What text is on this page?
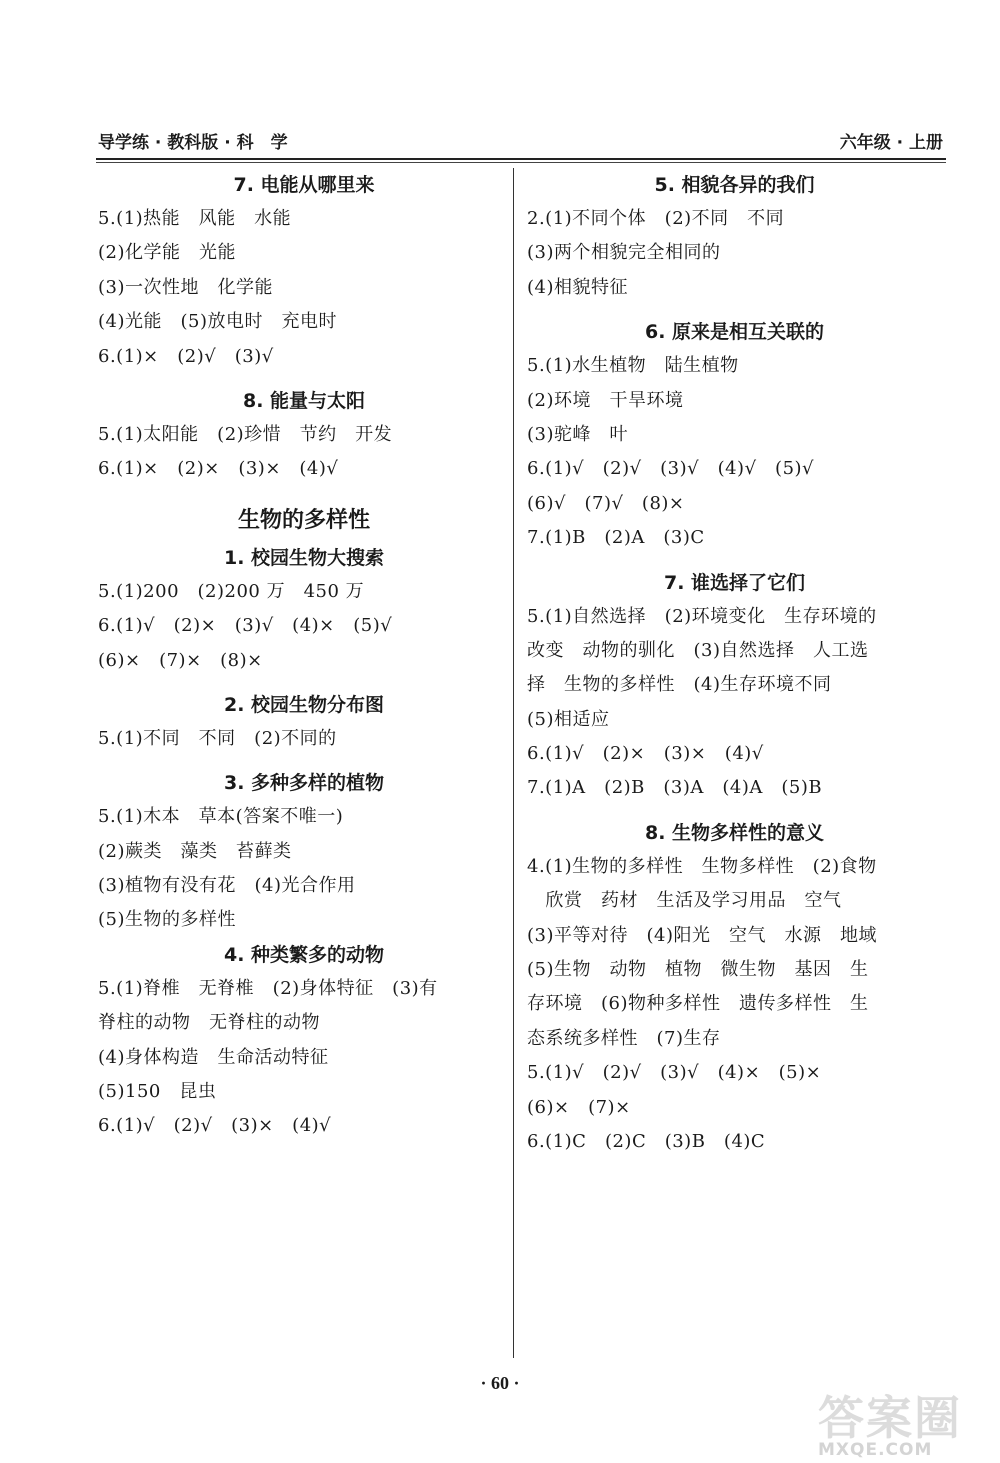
导学练 · 教科版 · 科　学	六年级 · 上册
7. 电能从哪里来
5.(1)热能　风能　水能
(2)化学能　光能
(3)一次性地　化学能
(4)光能　(5)放电时　充电时
6.(1)×　(2)√　(3)√
8. 能量与太阳
5.(1)太阳能　(2)珍惜　节约　开发
6.(1)×　(2)×　(3)×　(4)√
生物的多样性
1. 校园生物大搜索
5.(1)200　(2)200 万　450 万
6.(1)√　(2)×　(3)√　(4)×　(5)√
(6)×　(7)×　(8)×
2. 校园生物分布图
5.(1)不同　不同　(2)不同的
3. 多种多样的植物
5.(1)木本　草本(答案不唯一)
(2)蕨类　藻类　苔藓类
(3)植物有没有花　(4)光合作用
(5)生物的多样性
4. 种类繁多的动物
5.(1)脊椎　无脊椎　(2)身体特征　(3)有
脊柱的动物　无脊柱的动物
(4)身体构造　生命活动特征
(5)150　昆虫
6.(1)√　(2)√　(3)×　(4)√
5. 相貌各异的我们
2.(1)不同个体　(2)不同　不同
(3)两个相貌完全相同的
(4)相貌特征
6. 原来是相互关联的
5.(1)水生植物　陆生植物
(2)环境　干旱环境
(3)驼峰　叶
6.(1)√　(2)√　(3)√　(4)√　(5)√
(6)√　(7)√　(8)×
7.(1)B　(2)A　(3)C
7. 谁选择了它们
5.(1)自然选择　(2)环境变化　生存环境的
改变　动物的驯化　(3)自然选择　人工选
择　生物的多样性　(4)生存环境不同
(5)相适应
6.(1)√　(2)×　(3)×　(4)√
7.(1)A　(2)B　(3)A　(4)A　(5)B
8. 生物多样性的意义
4.(1)生物的多样性　生物多样性　(2)食物
　欣赏　药材　生活及学习用品　空气
(3)平等对待　(4)阳光　空气　水源　地域
(5)生物　动物　植物　微生物　基因　生
存环境　(6)物种多样性　遗传多样性　生
态系统多样性　(7)生存
5.(1)√　(2)√　(3)√　(4)×　(5)×
(6)×　(7)×
6.(1)C　(2)C　(3)B　(4)C
· 60 ·
答案圈
MXQE.COM
